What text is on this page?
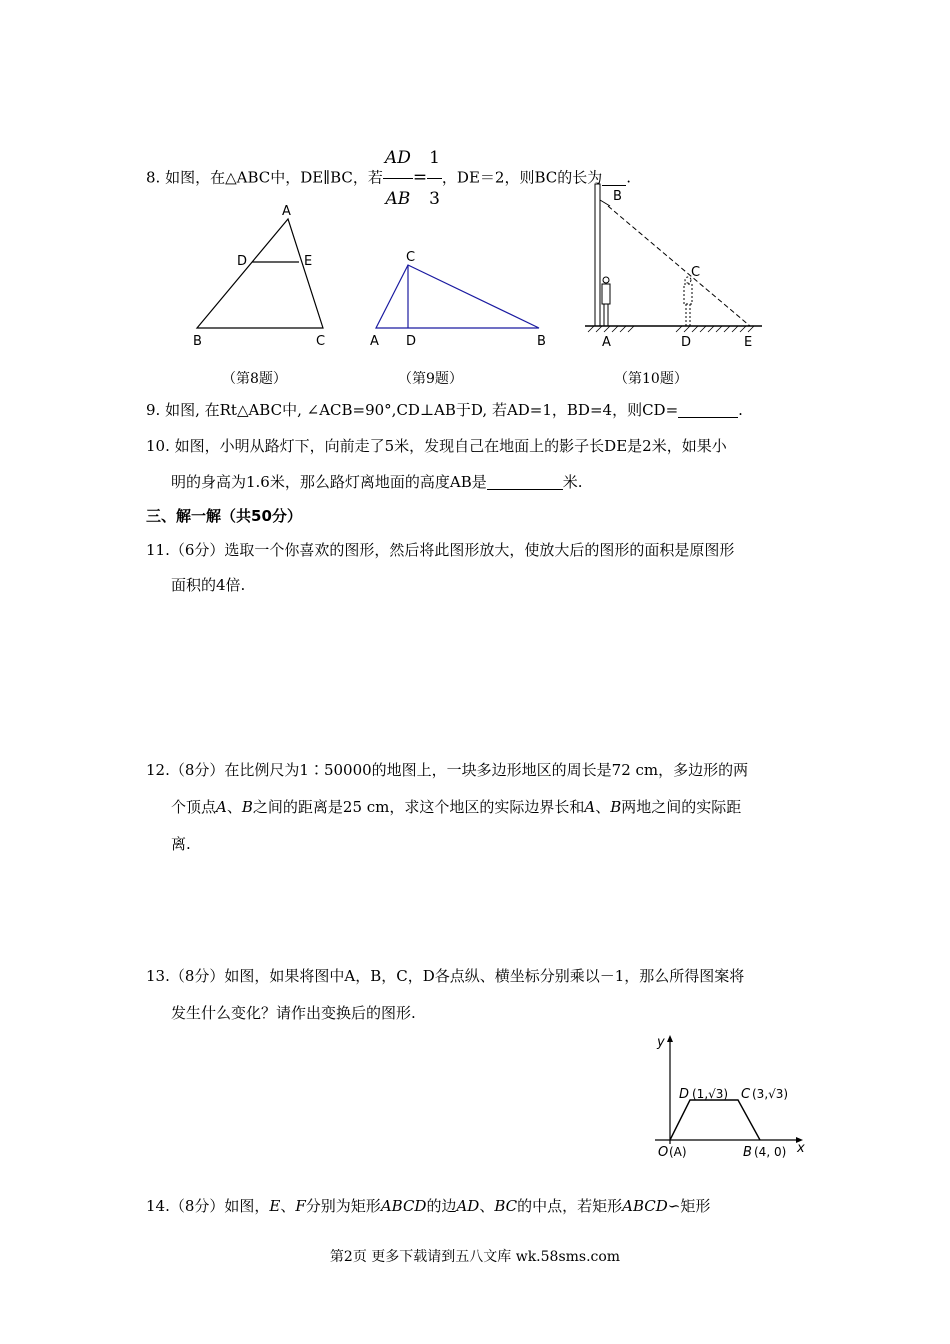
8. 如图，在△ABC中，DE∥BC，若 $\frac{AD}{AB} = \frac{1}{3}$ ，DE＝2，则BC的长为 .
A
D	E
B	C
C
A D	B
B
C
A	D	E
（第8题）	（第9题）	（第10题）
9. 如图, 在Rt△ABC中, ∠ACB=90°,CD⊥AB于D, 若AD=1，BD=4，则CD=	.
10. 如图，小明从路灯下，向前走了5米，发现自己在地面上的影子长DE是2米，如果小
明的身高为1.6米，那么路灯离地面的高度AB是	米.
三、解一解（共50分）
11.（6分）选取一个你喜欢的图形，然后将此图形放大，使放大后的图形的面积是原图形
面积的4倍.
12.（8分）在比例尺为1∶50000的地图上，一块多边形地区的周长是72 cm，多边形的两
个顶点A、B之间的距离是25 cm，求这个地区的实际边界长和A、B两地之间的实际距
离.
13.（8分）如图，如果将图中A，B，C，D各点纵、横坐标分别乘以－1，那么所得图案将
发生什么变化？请作出变换后的图形.
y
x
D (1,√3) C (3,√3)
O (A)	B (4, 0)
14.（8分）如图，E、F分别为矩形ABCD的边AD、BC的中点，若矩形ABCD∽矩形
第2页 更多下载请到五八文库 wk.58sms.com
